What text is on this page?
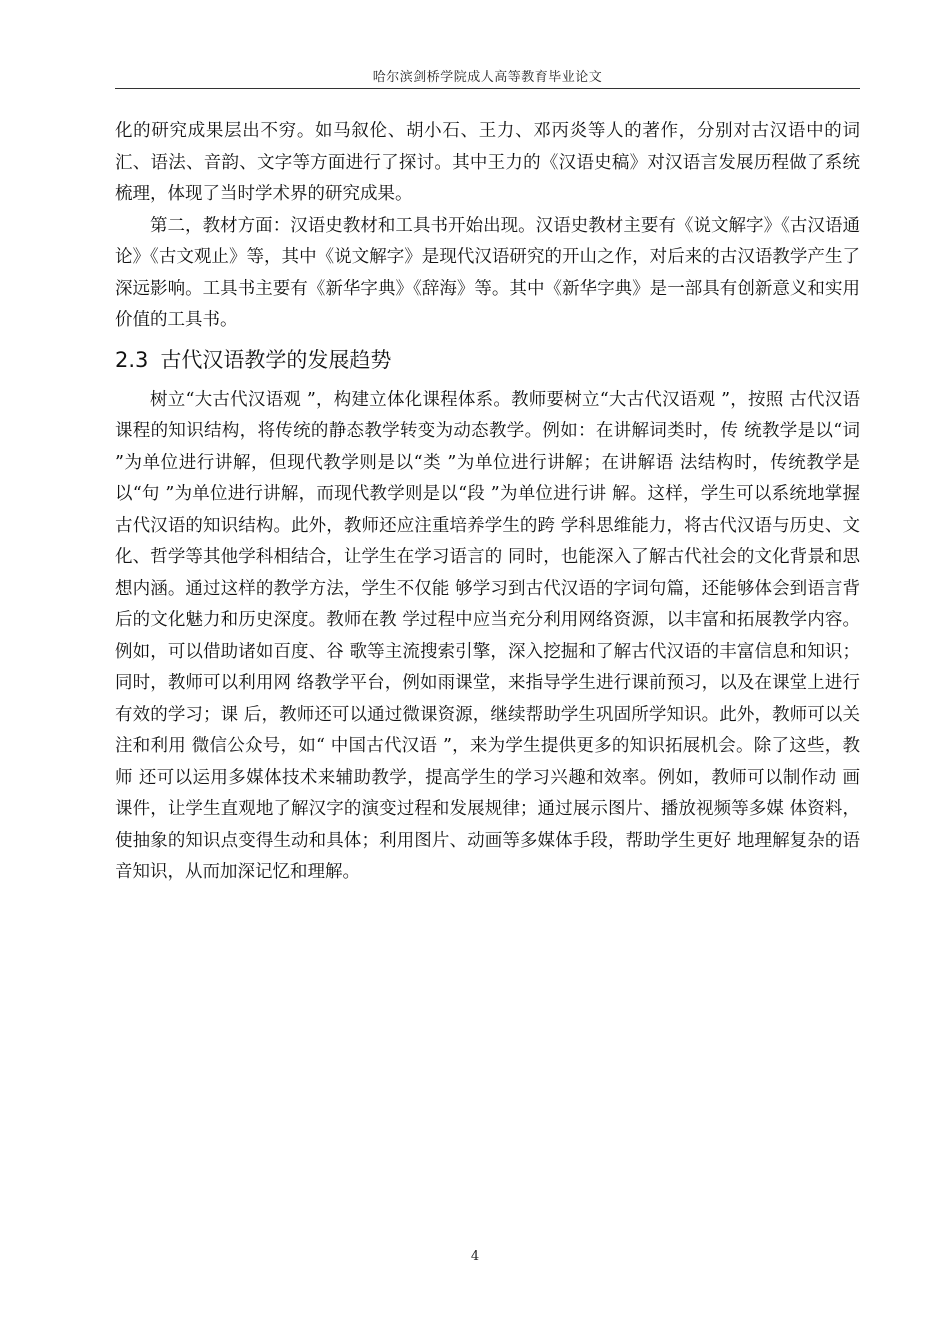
哈尔滨剑桥学院成人高等教育毕业论文

化的研究成果层出不穷。如马叙伦、胡小石、王力、邓丙炎等人的著作，分别对古汉语中的词汇、语法、音韵、文字等方面进行了探讨。其中王力的《汉语史稿》对汉语言发展历程做了系统梳理，体现了当时学术界的研究成果。

第二，教材方面：汉语史教材和工具书开始出现。汉语史教材主要有《说文解字》《古汉语通论》《古文观止》等，其中《说文解字》是现代汉语研究的开山之作，对后来的古汉语教学产生了深远影响。工具书主要有《新华字典》《辞海》等。其中《新华字典》是一部具有创新意义和实用价值的工具书。

2.3 古代汉语教学的发展趋势

树立“大古代汉语观 ”，构建立体化课程体系。教师要树立“大古代汉语观 ”，按照 古代汉语课程的知识结构，将传统的静态教学转变为动态教学。例如：在讲解词类时，传 统教学是以“词 ”为单位进行讲解，但现代教学则是以“类 ”为单位进行讲解；在讲解语 法结构时，传统教学是以“句 ”为单位进行讲解，而现代教学则是以“段 ”为单位进行讲 解。这样，学生可以系统地掌握古代汉语的知识结构。此外，教师还应注重培养学生的跨 学科思维能力，将古代汉语与历史、文化、哲学等其他学科相结合，让学生在学习语言的 同时，也能深入了解古代社会的文化背景和思想内涵。通过这样的教学方法，学生不仅能 够学习到古代汉语的字词句篇，还能够体会到语言背后的文化魅力和历史深度。教师在教 学过程中应当充分利用网络资源，以丰富和拓展教学内容。例如，可以借助诸如百度、谷 歌等主流搜索引擎，深入挖掘和了解古代汉语的丰富信息和知识；同时，教师可以利用网 络教学平台，例如雨课堂，来指导学生进行课前预习，以及在课堂上进行有效的学习；课 后，教师还可以通过微课资源，继续帮助学生巩固所学知识。此外，教师可以关注和利用 微信公众号，如“ 中国古代汉语 ”，来为学生提供更多的知识拓展机会。除了这些，教师 还可以运用多媒体技术来辅助教学，提高学生的学习兴趣和效率。例如，教师可以制作动 画课件，让学生直观地了解汉字的演变过程和发展规律；通过展示图片、播放视频等多媒 体资料，使抽象的知识点变得生动和具体；利用图片、动画等多媒体手段，帮助学生更好 地理解复杂的语音知识，从而加深记忆和理解。

4
